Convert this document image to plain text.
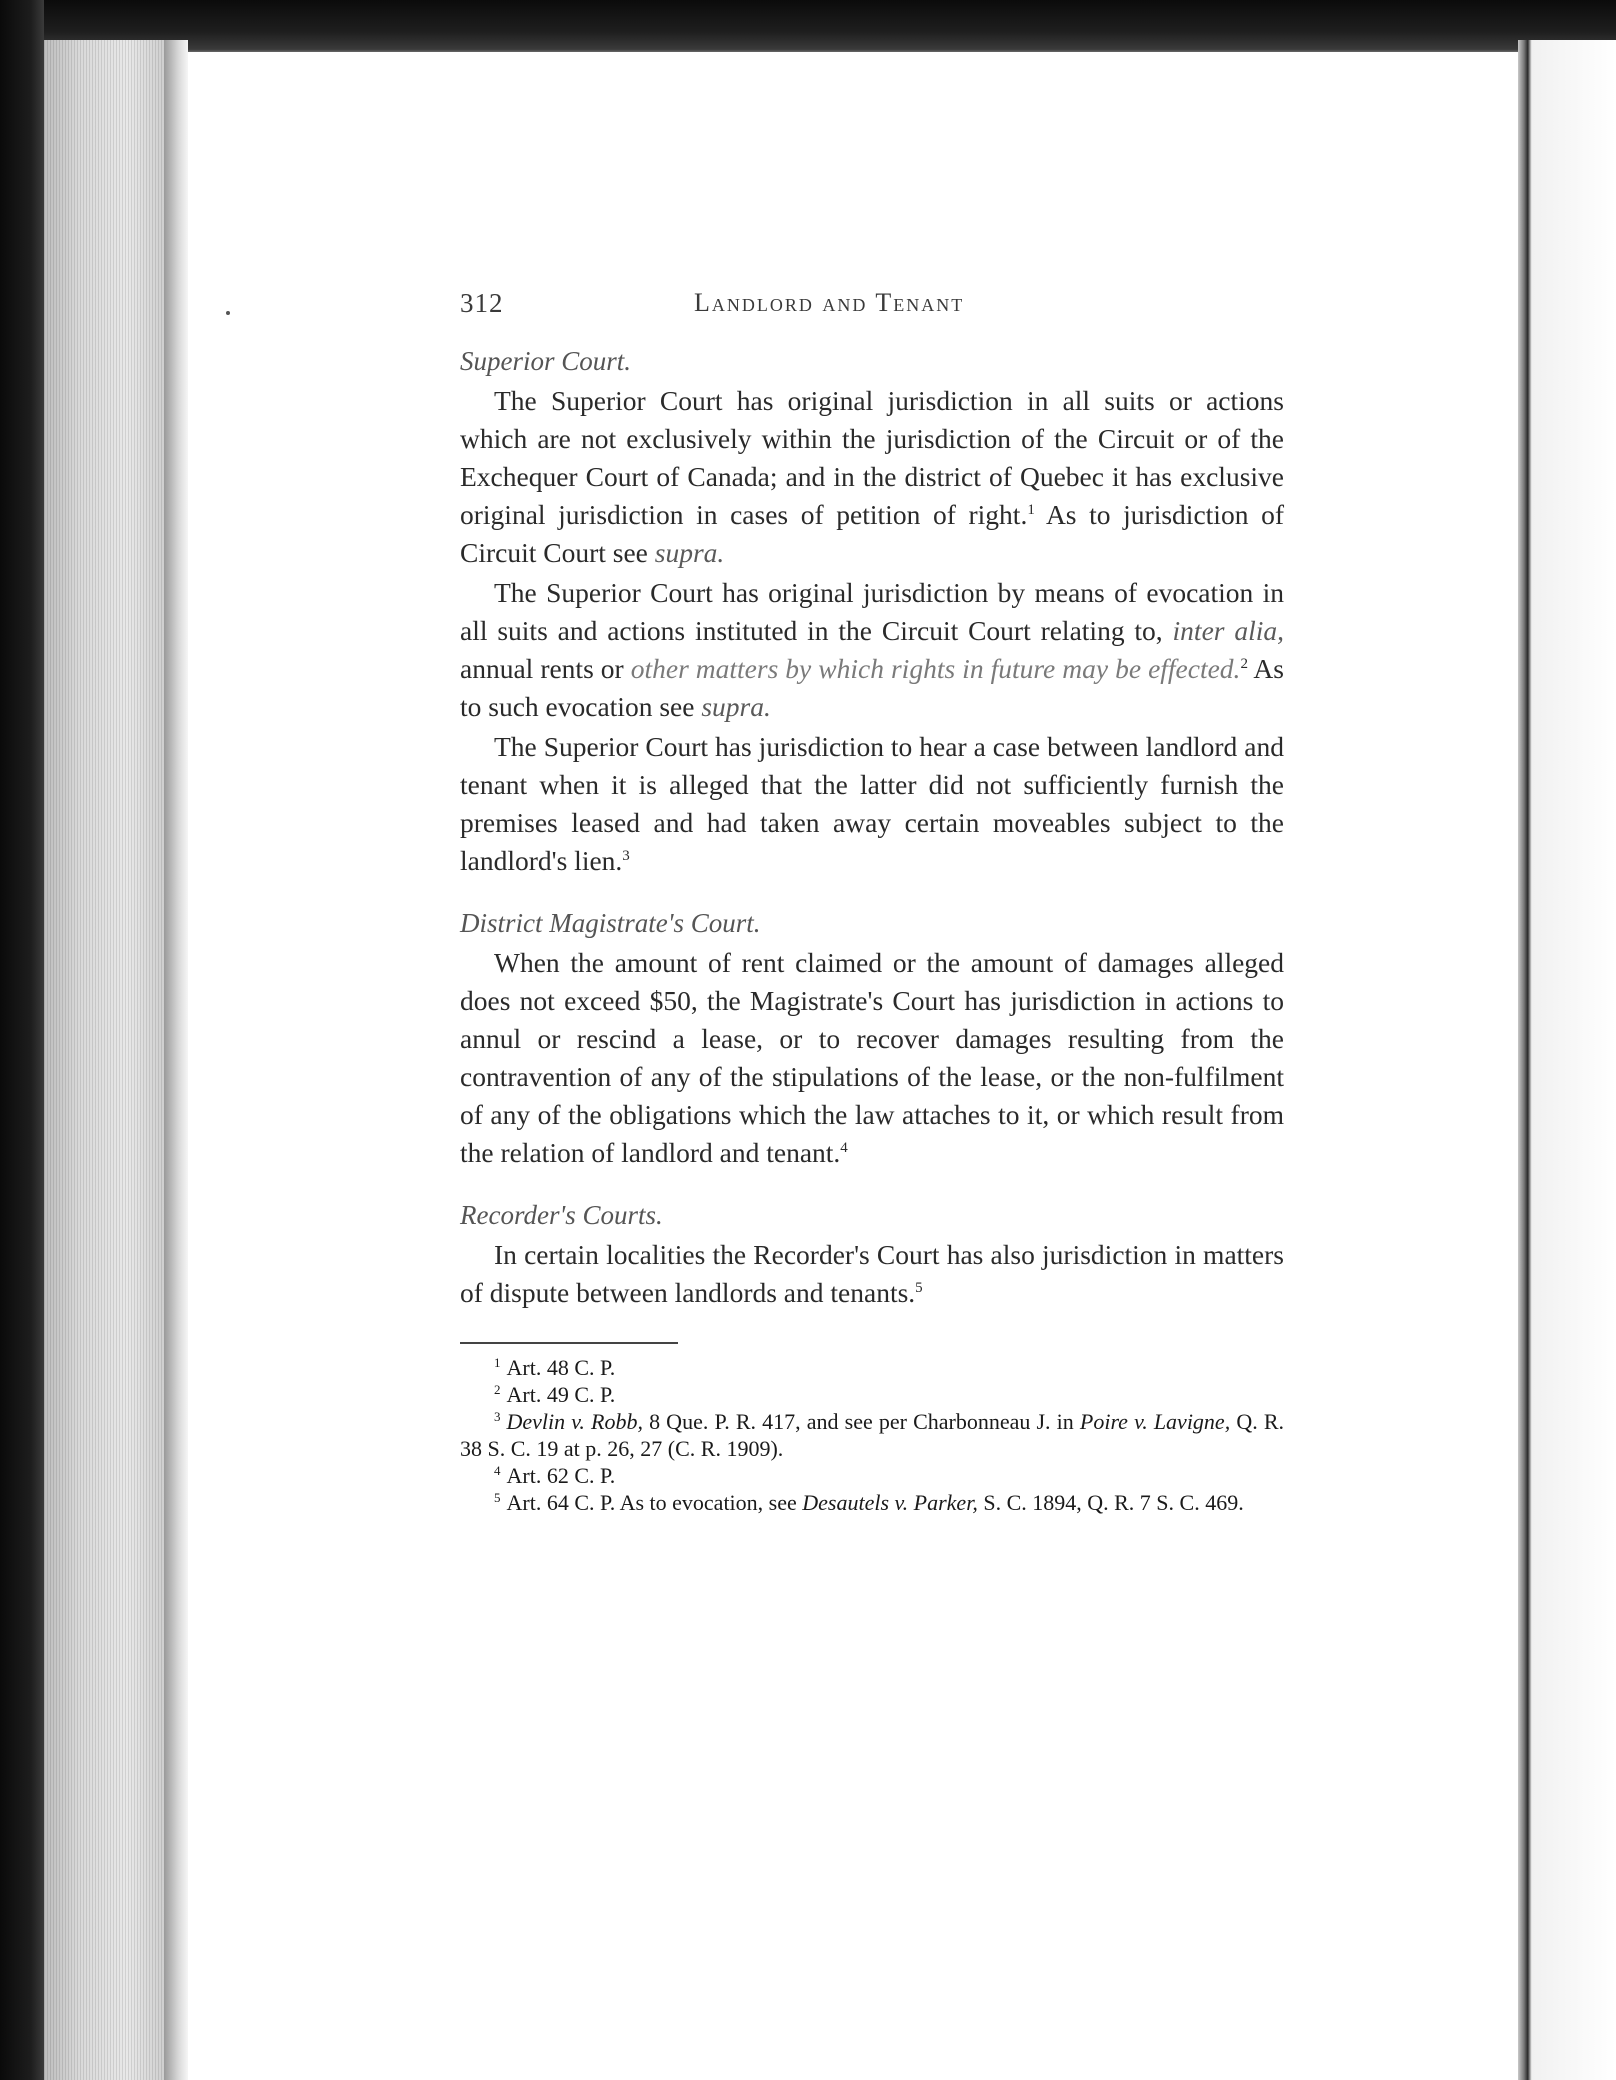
312	Landlord and Tenant
Superior Court.

The Superior Court has original jurisdiction in all suits or actions which are not exclusively within the jurisdiction of the Circuit or of the Exchequer Court of Canada; and in the district of Quebec it has exclusive original jurisdiction in cases of petition of right.$^1$ As to jurisdiction of Circuit Court see supra.

The Superior Court has original jurisdiction by means of evocation in all suits and actions instituted in the Circuit Court relating to, inter alia, annual rents or other matters by which rights in future may be effected.$^2$ As to such evocation see supra.

The Superior Court has jurisdiction to hear a case between landlord and tenant when it is alleged that the latter did not sufficiently furnish the premises leased and had taken away certain moveables subject to the landlord's lien.$^3$

District Magistrate's Court.

When the amount of rent claimed or the amount of damages alleged does not exceed $50, the Magistrate's Court has jurisdiction in actions to annul or rescind a lease, or to recover damages resulting from the contravention of any of the stipulations of the lease, or the non-fulfilment of any of the obligations which the law attaches to it, or which result from the relation of landlord and tenant.$^4$

Recorder's Courts.

In certain localities the Recorder's Court has also jurisdiction in matters of dispute between landlords and tenants.$^5$

$^1$ Art. 48 C. P.
$^2$ Art. 49 C. P.
$^3$ Devlin v. Robb, 8 Que. P. R. 417, and see per Charbonneau J. in Poire v. Lavigne, Q. R. 38 S. C. 19 at p. 26, 27 (C. R. 1909).
$^4$ Art. 62 C. P.
$^5$ Art. 64 C. P. As to evocation, see Desautels v. Parker, S. C. 1894, Q. R. 7 S. C. 469.
